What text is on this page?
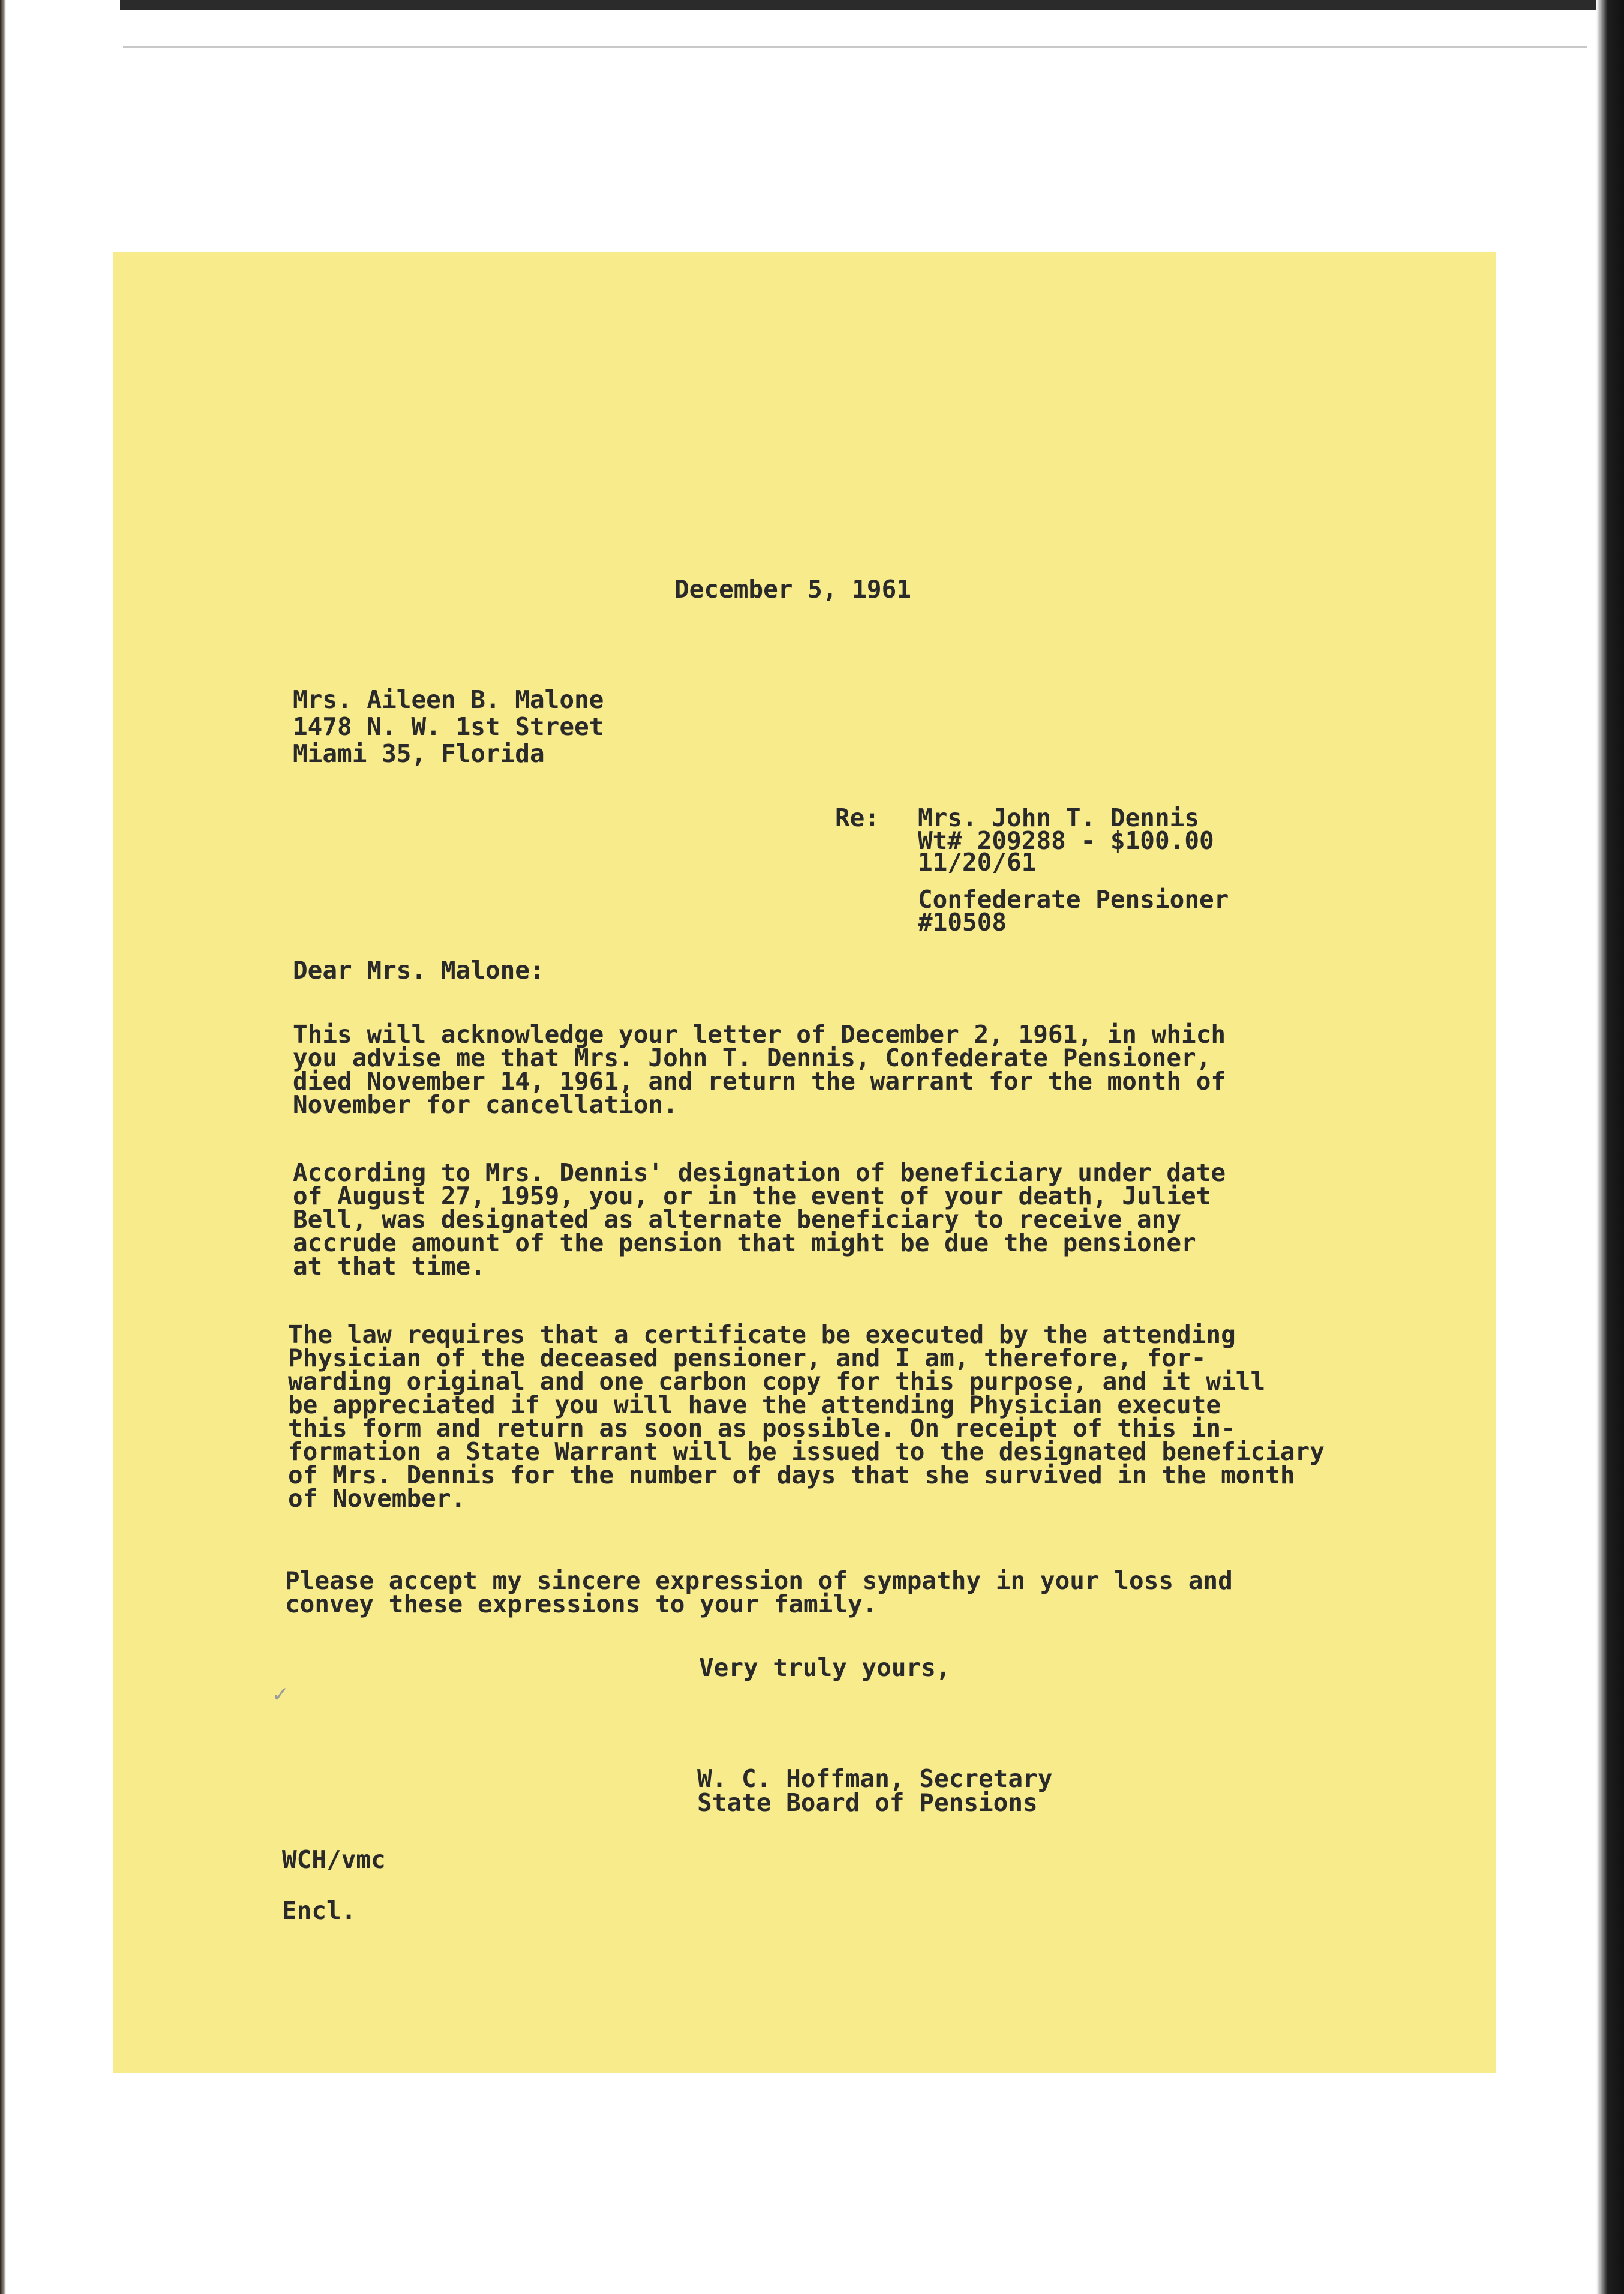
December 5, 1961
Mrs. Aileen B. Malone
1478 N. W. 1st Street
Miami 35, Florida
Re: Mrs. John T. Dennis
Wt# 209288 - $100.00
11/20/61
Confederate Pensioner
#10508
Dear Mrs. Malone:
This will acknowledge your letter of December 2, 1961, in which
you advise me that Mrs. John T. Dennis, Confederate Pensioner,
died November 14, 1961, and return the warrant for the month of
November for cancellation.
According to Mrs. Dennis' designation of beneficiary under date
of August 27, 1959, you, or in the event of your death, Juliet
Bell, was designated as alternate beneficiary to receive any
accrude amount of the pension that might be due the pensioner
at that time.
The law requires that a certificate be executed by the attending
Physician of the deceased pensioner, and I am, therefore, for-
warding original and one carbon copy for this purpose, and it will
be appreciated if you will have the attending Physician execute
this form and return as soon as possible. On receipt of this in-
formation a State Warrant will be issued to the designated beneficiary
of Mrs. Dennis for the number of days that she survived in the month
of November.
Please accept my sincere expression of sympathy in your loss and
convey these expressions to your family.
Very truly yours,
W. C. Hoffman, Secretary
State Board of Pensions
WCH/vmc
Encl.
✓
